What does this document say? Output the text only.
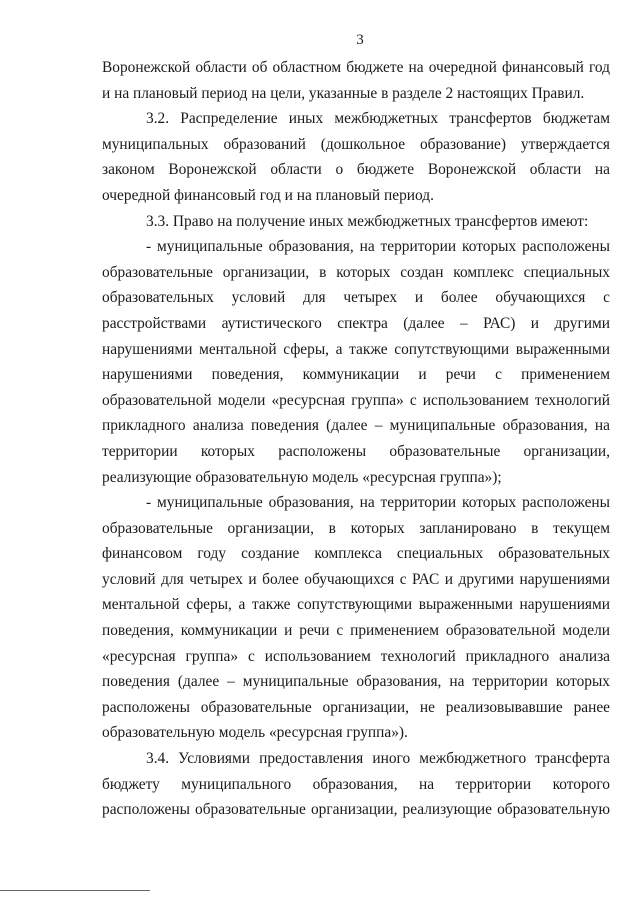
3

Воронежской области об областном бюджете на очередной финансовый год и на плановый период на цели, указанные в разделе 2 настоящих Правил.

3.2. Распределение иных межбюджетных трансфертов бюджетам муниципальных образований (дошкольное образование) утверждается законом Воронежской области о бюджете Воронежской области на очередной финансовый год и на плановый период.

3.3. Право на получение иных межбюджетных трансфертов имеют:

- муниципальные образования, на территории которых расположены образовательные организации, в которых создан комплекс специальных образовательных условий для четырех и более обучающихся с расстройствами аутистического спектра (далее – РАС) и другими нарушениями ментальной сферы, а также сопутствующими выраженными нарушениями поведения, коммуникации и речи с применением образовательной модели «ресурсная группа» с использованием технологий прикладного анализа поведения (далее – муниципальные образования, на территории которых расположены образовательные организации, реализующие образовательную модель «ресурсная группа»);

- муниципальные образования, на территории которых расположены образовательные организации, в которых запланировано в текущем финансовом году создание комплекса специальных образовательных условий для четырех и более обучающихся с РАС и другими нарушениями ментальной сферы, а также сопутствующими выраженными нарушениями поведения, коммуникации и речи с применением образовательной модели «ресурсная группа» с использованием технологий прикладного анализа поведения (далее – муниципальные образования, на территории которых расположены образовательные организации, не реализовывавшие ранее образовательную модель «ресурсная группа»).

3.4. Условиями предоставления иного межбюджетного трансферта бюджету муниципального образования, на территории которого расположены образовательные организации, реализующие образовательную
